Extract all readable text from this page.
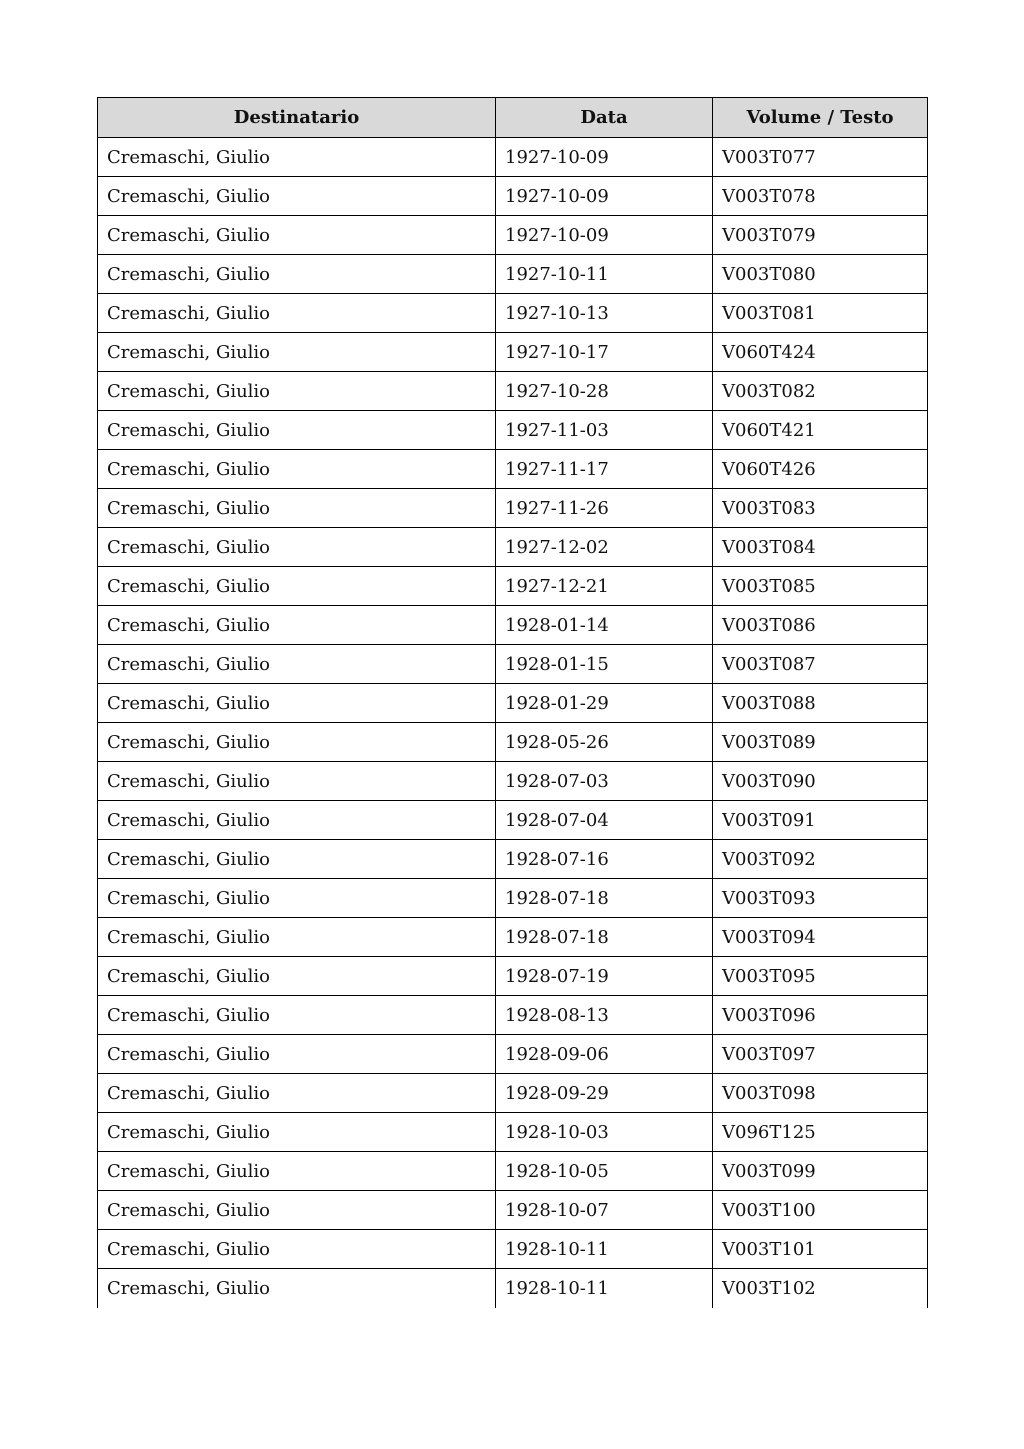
Destinatario	Data	Volume / Testo
Cremaschi, Giulio	1927-10-09	V003T077
Cremaschi, Giulio	1927-10-09	V003T078
Cremaschi, Giulio	1927-10-09	V003T079
Cremaschi, Giulio	1927-10-11	V003T080
Cremaschi, Giulio	1927-10-13	V003T081
Cremaschi, Giulio	1927-10-17	V060T424
Cremaschi, Giulio	1927-10-28	V003T082
Cremaschi, Giulio	1927-11-03	V060T421
Cremaschi, Giulio	1927-11-17	V060T426
Cremaschi, Giulio	1927-11-26	V003T083
Cremaschi, Giulio	1927-12-02	V003T084
Cremaschi, Giulio	1927-12-21	V003T085
Cremaschi, Giulio	1928-01-14	V003T086
Cremaschi, Giulio	1928-01-15	V003T087
Cremaschi, Giulio	1928-01-29	V003T088
Cremaschi, Giulio	1928-05-26	V003T089
Cremaschi, Giulio	1928-07-03	V003T090
Cremaschi, Giulio	1928-07-04	V003T091
Cremaschi, Giulio	1928-07-16	V003T092
Cremaschi, Giulio	1928-07-18	V003T093
Cremaschi, Giulio	1928-07-18	V003T094
Cremaschi, Giulio	1928-07-19	V003T095
Cremaschi, Giulio	1928-08-13	V003T096
Cremaschi, Giulio	1928-09-06	V003T097
Cremaschi, Giulio	1928-09-29	V003T098
Cremaschi, Giulio	1928-10-03	V096T125
Cremaschi, Giulio	1928-10-05	V003T099
Cremaschi, Giulio	1928-10-07	V003T100
Cremaschi, Giulio	1928-10-11	V003T101
Cremaschi, Giulio	1928-10-11	V003T102
